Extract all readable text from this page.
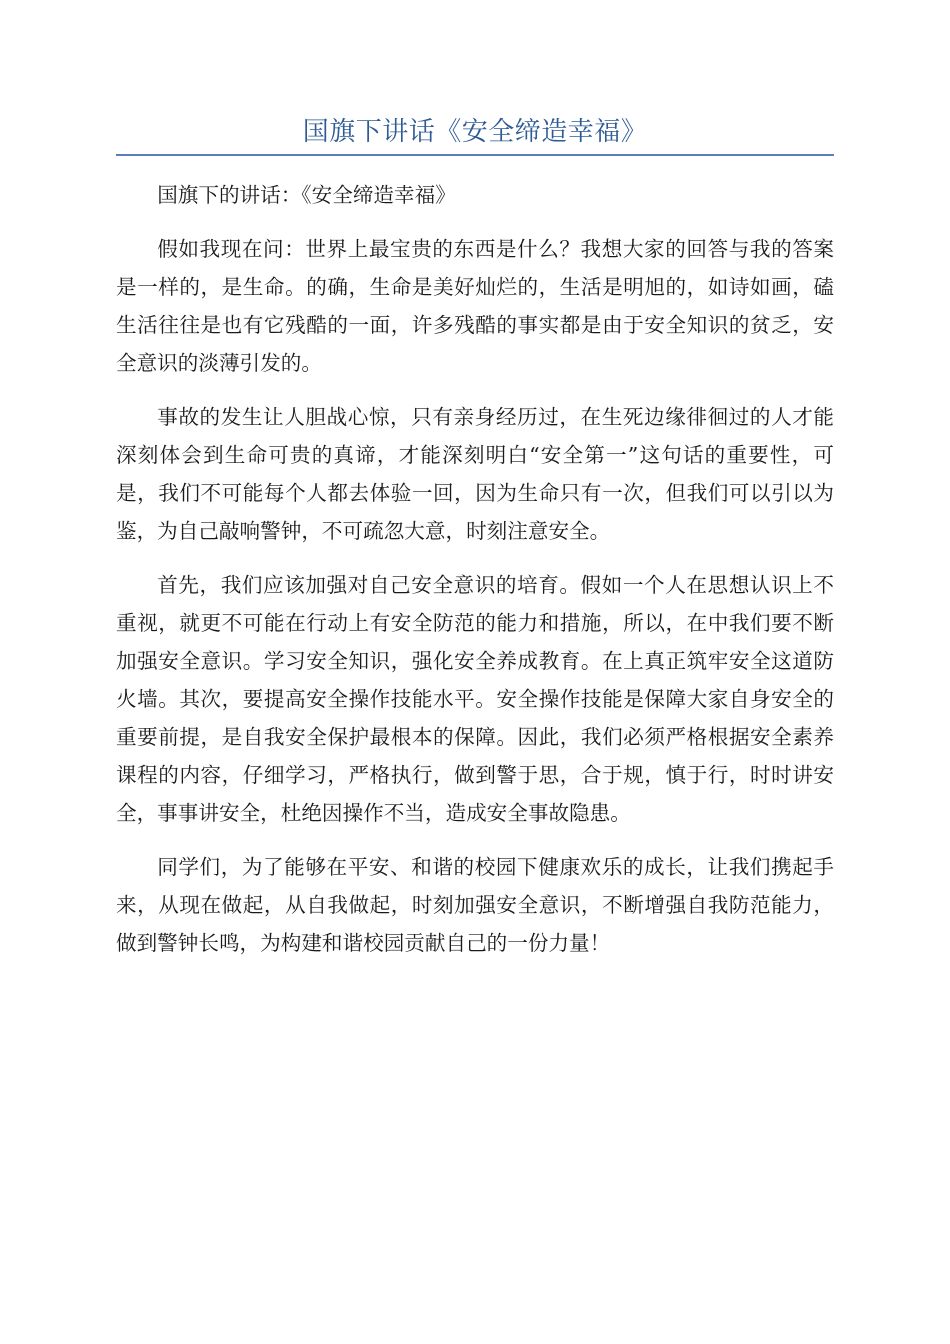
国旗下讲话《安全缔造幸福》

国旗下的讲话：《安全缔造幸福》

假如我现在问：世界上最宝贵的东西是什么？我想大家的回答与我的答案是一样的，是生命。的确，生命是美好灿烂的，生活是明旭的，如诗如画，磕生活往往是也有它残酷的一面，许多残酷的事实都是由于安全知识的贫乏，安全意识的淡薄引发的。

事故的发生让人胆战心惊，只有亲身经历过，在生死边缘徘徊过的人才能深刻体会到生命可贵的真谛，才能深刻明白“安全第一”这句话的重要性，可是，我们不可能每个人都去体验一回，因为生命只有一次，但我们可以引以为鉴，为自己敲响警钟，不可疏忽大意，时刻注意安全。

首先，我们应该加强对自己安全意识的培育。假如一个人在思想认识上不重视，就更不可能在行动上有安全防范的能力和措施，所以，在中我们要不断加强安全意识。学习安全知识，强化安全养成教育。在上真正筑牢安全这道防火墙。其次，要提高安全操作技能水平。安全操作技能是保障大家自身安全的重要前提，是自我安全保护最根本的保障。因此，我们必须严格根据安全素养课程的内容，仔细学习，严格执行，做到警于思，合于规，慎于行，时时讲安全，事事讲安全，杜绝因操作不当，造成安全事故隐患。

同学们，为了能够在平安、和谐的校园下健康欢乐的成长，让我们携起手来，从现在做起，从自我做起，时刻加强安全意识，不断增强自我防范能力，做到警钟长鸣，为构建和谐校园贡献自己的一份力量！
